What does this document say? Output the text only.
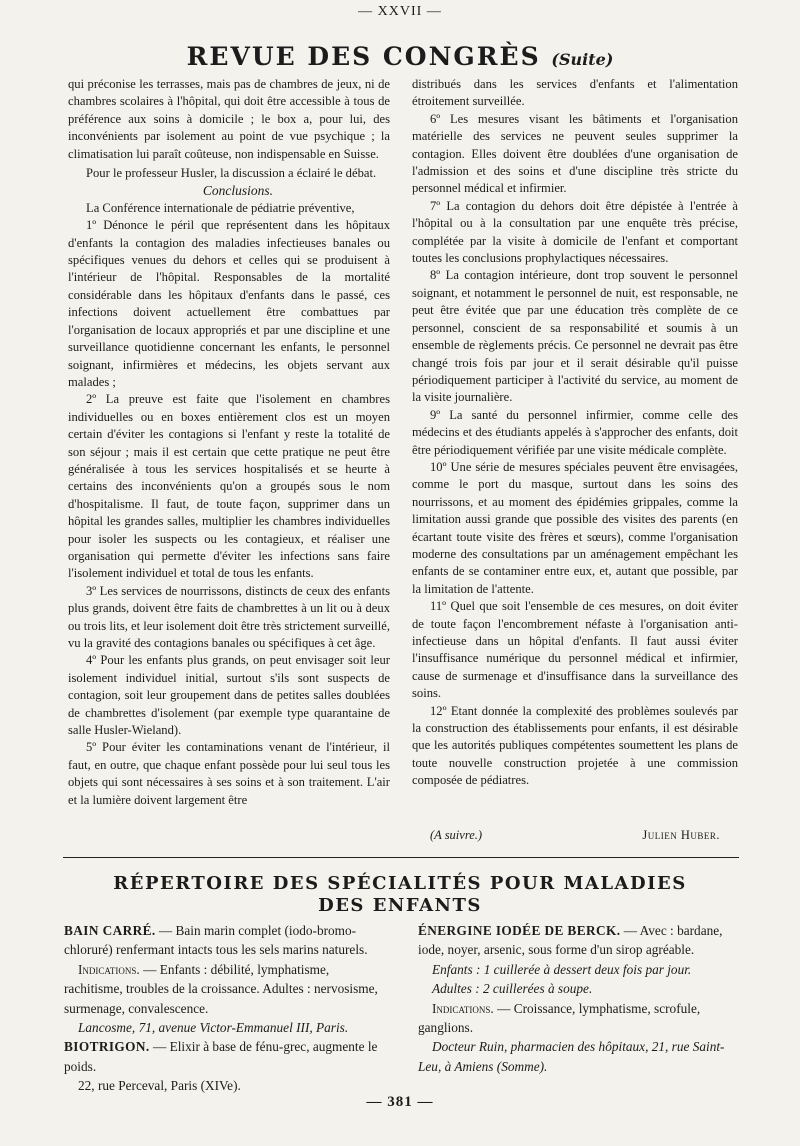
— XXVII —
REVUE DES CONGRÈS (Suite)

qui préconise les terrasses, mais pas de chambres de jeux, ni de chambres scolaires à l'hôpital, qui doit être accessible à tous de préférence aux soins à domicile ; le box a, pour lui, des inconvénients par isolement au point de vue psychique ; la climatisation lui paraît coûteuse, non indispensable en Suisse.

Pour le professeur Husler, la discussion a éclairé le débat.

Conclusions.

La Conférence internationale de pédiatrie préventive,

1º Dénonce le péril que représentent dans les hôpitaux d'enfants la contagion des maladies infectieuses banales ou spécifiques venues du dehors et celles qui se produisent à l'intérieur de l'hôpital. Responsables de la mortalité considérable dans les hôpitaux d'enfants dans le passé, ces infections doivent actuellement être combattues par l'organisation de locaux appropriés et par une discipline et une surveillance quotidienne concernant les enfants, le personnel soignant, infirmières et médecins, les objets servant aux malades ;

2º La preuve est faite que l'isolement en chambres individuelles ou en boxes entièrement clos est un moyen certain d'éviter les contagions si l'enfant y reste la totalité de son séjour ; mais il est certain que cette pratique ne peut être généralisée à tous les services hospitalisés et se heurte à certains des inconvénients qu'on a groupés sous le nom d'hospitalisme. Il faut, de toute façon, supprimer dans un hôpital les grandes salles, multiplier les chambres individuelles pour isoler les suspects ou les contagieux, et réaliser une organisation qui permette d'éviter les infections sans faire l'isolement individuel et total de tous les enfants.

3º Les services de nourrissons, distincts de ceux des enfants plus grands, doivent être faits de chambrettes à un lit ou à deux ou trois lits, et leur isolement doit être très strictement surveillé, vu la gravité des contagions banales ou spécifiques à cet âge.

4º Pour les enfants plus grands, on peut envisager soit leur isolement individuel initial, surtout s'ils sont suspects de contagion, soit leur groupement dans de petites salles doublées de chambrettes d'isolement (par exemple type quarantaine de salle Husler-Wieland).

5º Pour éviter les contaminations venant de l'intérieur, il faut, en outre, que chaque enfant possède pour lui seul tous les objets qui sont nécessaires à ses soins et à son traitement. L'air et la lumière doivent largement être

distribués dans les services d'enfants et l'alimentation étroitement surveillée.

6º Les mesures visant les bâtiments et l'organisation matérielle des services ne peuvent seules supprimer la contagion. Elles doivent être doublées d'une organisation de l'admission et des soins et d'une discipline très stricte du personnel médical et infirmier.

7º La contagion du dehors doit être dépistée à l'entrée à l'hôpital ou à la consultation par une enquête très précise, complétée par la visite à domicile de l'enfant et comportant toutes les conclusions prophylactiques nécessaires.

8º La contagion intérieure, dont trop souvent le personnel soignant, et notamment le personnel de nuit, est responsable, ne peut être évitée que par une éducation très complète de ce personnel, conscient de sa responsabilité et soumis à un ensemble de règlements précis. Ce personnel ne devrait pas être changé trois fois par jour et il serait désirable qu'il puisse périodiquement participer à l'activité du service, au moment de la visite journalière.

9º La santé du personnel infirmier, comme celle des médecins et des étudiants appelés à s'approcher des enfants, doit être périodiquement vérifiée par une visite médicale complète.

10º Une série de mesures spéciales peuvent être envisagées, comme le port du masque, surtout dans les soins des nourrissons, et au moment des épidémies grippales, comme la limitation aussi grande que possible des visites des parents (en écartant toute visite des frères et sœurs), comme l'organisation moderne des consultations par un aménagement empêchant les enfants de se contaminer entre eux, et, autant que possible, par la limitation de l'attente.

11º Quel que soit l'ensemble de ces mesures, on doit éviter de toute façon l'encombrement néfaste à l'organisation anti-infectieuse dans un hôpital d'enfants. Il faut aussi éviter l'insuffisance numérique du personnel médical et infirmier, cause de surmenage et d'insuffisance dans la surveillance des soins.

12º Etant donnée la complexité des problèmes soulevés par la construction des établissements pour enfants, il est désirable que les autorités publiques compétentes soumettent les plans de toute nouvelle construction projetée à une commission composée de pédiatres.

(A suivre.)	Julien Huber.
RÉPERTOIRE DES SPÉCIALITÉS POUR MALADIES
DES ENFANTS

BAIN CARRÉ. — Bain marin complet (iodo-bromo-chloruré) renfermant intacts tous les sels marins naturels.

Indications. — Enfants : débilité, lymphatisme, rachitisme, troubles de la croissance. Adultes : nervosisme, surmenage, convalescence.

Lancosme, 71, avenue Victor-Emmanuel III, Paris.

BIOTRIGON. — Elixir à base de fénu-grec, augmente le poids.

22, rue Perceval, Paris (XIVe).

ÉNERGINE IODÉE DE BERCK. — Avec : bardane, iode, noyer, arsenic, sous forme d'un sirop agréable.

Enfants : 1 cuillerée à dessert deux fois par jour.

Adultes : 2 cuillerées à soupe.

Indications. — Croissance, lymphatisme, scrofule, ganglions.

Docteur Ruin, pharmacien des hôpitaux, 21, rue Saint-Leu, à Amiens (Somme).

— 381 —
